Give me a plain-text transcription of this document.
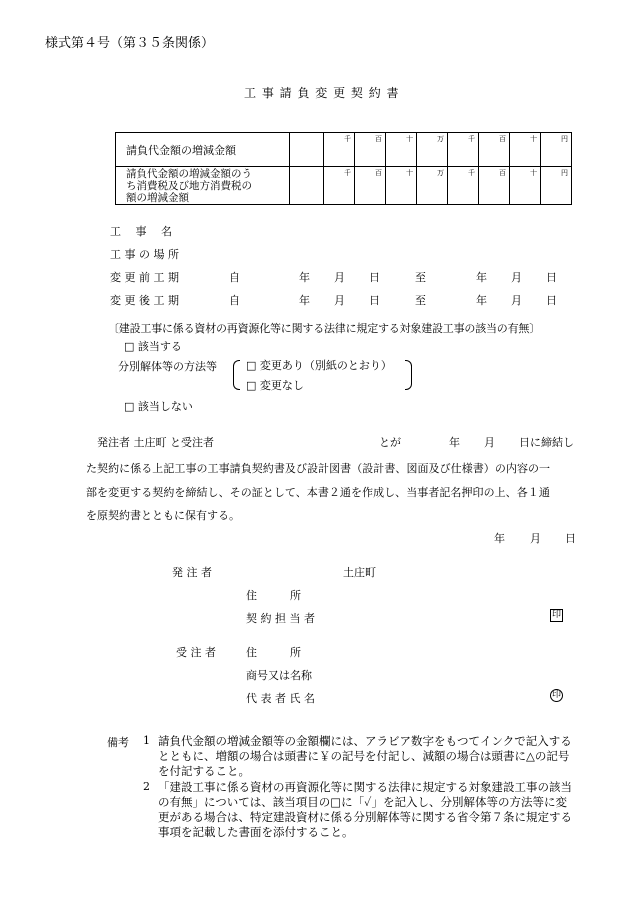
様式第４号（第３５条関係）
工 事 請 負 変 更 契 約 書
請負代金額の増減金額		千	百	十	万	千	百	十	円

請負代金額の増減金額のう
ち消費税及び地方消費税の
額の増減金額		千	百	十	万	千	百	十	円
工　 事　 名
工 事 の 場 所
変 更 前 工 期	自	年 月 日	至	年 月 日
変 更 後 工 期	自	年 月 日	至	年 月 日
〔建設工事に係る資材の再資源化等に関する法律に規定する対象建設工事の該当の有無〕
□ 該当する
分別解体等の方法等	□ 変更あり（別紙のとおり）
□ 変更なし
□ 該当しない
発注者 土庄町 と受注者	とが	年 月 日に締結し
た契約に係る上記工事の工事請負契約書及び設計図書（設計書、図面及び仕様書）の内容の一
部を変更する契約を締結し、その証として、本書２通を作成し、当事者記名押印の上、各１通
を原契約書とともに保有する。
年 月 日
発 注 者	土庄町
住　　　所
契 約 担 当 者	印
受 注 者	住　　　所
商号又は名称
代 表 者 氏 名	印
備考 1 請負代金額の増減金額等の金額欄には、アラビア数字をもつてインクで記入するとともに、増額の場合は頭書に￥の記号を付記し、減額の場合は頭書に△の記号を付記すること。
2 「建設工事に係る資材の再資源化等に関する法律に規定する対象建設工事の該当の有無」については、該当項目の□に「✓」を記入し、分別解体等の方法等に変更がある場合は、特定建設資材に係る分別解体等に関する省令第７条に規定する事項を記載した書面を添付すること。
